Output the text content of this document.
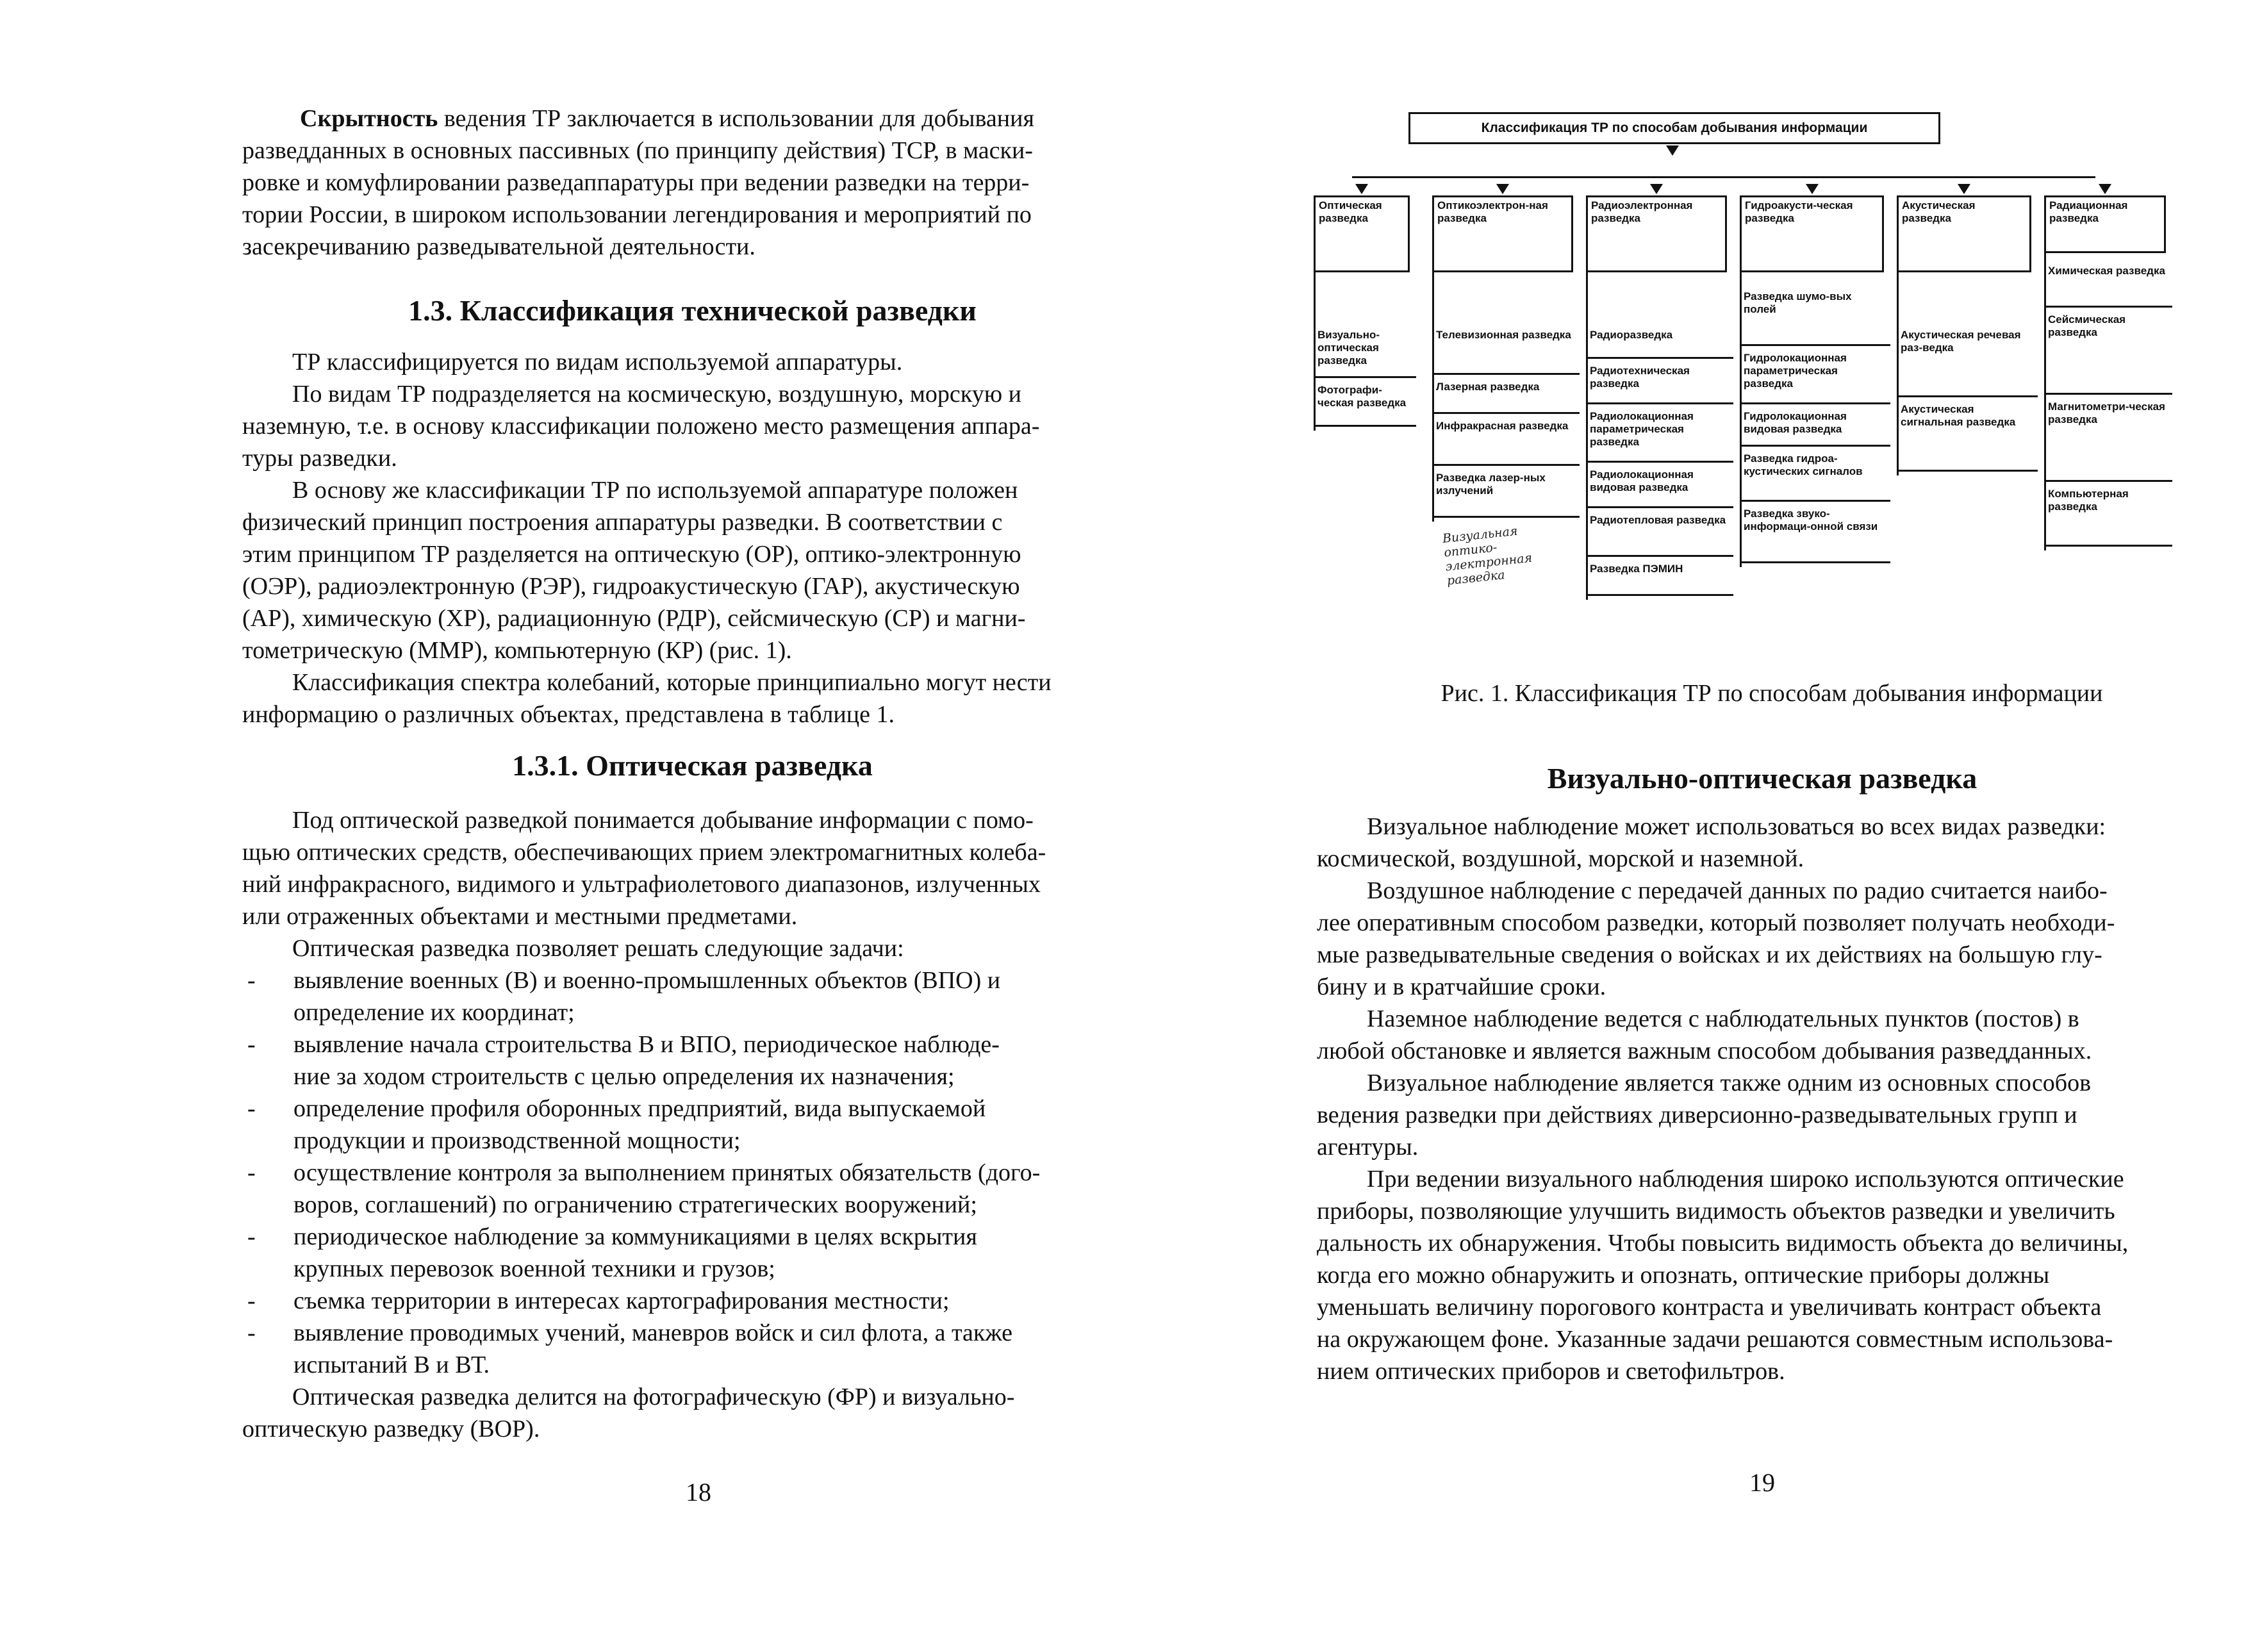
Скрытность ведения ТР заключается в использовании для добывания

разведданных в основных пассивных (по принципу действия) ТСР, в маски-

ровке и комуфлировании разведаппаратуры при ведении разведки на терри-

тории России, в широком использовании легендирования и мероприятий по

засекречиванию разведывательной деятельности.

1.3. Классификация технической разведки

ТР классифицируется по видам используемой аппаратуры.

По видам ТР подразделяется на космическую, воздушную, морскую и

наземную, т.е. в основу классификации положено место размещения аппара-

туры разведки.

В основу же классификации ТР по используемой аппаратуре положен

физический принцип построения аппаратуры разведки. В соответствии с

этим принципом ТР разделяется на оптическую (ОР), оптико-электронную

(ОЭР), радиоэлектронную (РЭР), гидроакустическую (ГАР), акустическую

(АР), химическую (ХР), радиационную (РДР), сейсмическую (СР) и магни-

тометрическую (ММР), компьютерную (КР) (рис. 1).

Классификация спектра колебаний, которые принципиально могут нести

информацию о различных объектах, представлена в таблице 1.

1.3.1. Оптическая разведка

Под оптической разведкой понимается добывание информации с помо-

щью оптических средств, обеспечивающих прием электромагнитных колеба-

ний инфракрасного, видимого и ультрафиолетового диапазонов, излученных

или отраженных объектами и местными предметами.

Оптическая разведка позволяет решать следующие задачи:

- выявление военных (В) и военно-промышленных объектов (ВПО) и
определение их координат;
- выявление начала строительства В и ВПО, периодическое наблюде-
ние за ходом строительств с целью определения их назначения;
- определение профиля оборонных предприятий, вида выпускаемой
продукции и производственной мощности;
- осуществление контроля за выполнением принятых обязательств (дого-
воров, соглашений) по ограничению стратегических вооружений;
- периодическое наблюдение за коммуникациями в целях вскрытия
крупных перевозок военной техники и грузов;
- съемка территории в интересах картографирования местности;
- выявление проводимых учений, маневров войск и сил флота, а также
испытаний В и ВТ.

Оптическая разведка делится на фотографическую (ФР) и визуально-

оптическую разведку (ВОР).

18
Классификация ТР по способам добывания информации
Оптическая разведка
Визуально-оптическая разведка
Фотографи-ческая разведка
Оптикоэлектрон-ная разведка
Телевизионная разведка
Лазерная разведка
Инфракрасная разведка
Разведка лазер-ных излучений
Радиоэлектронная разведка
Радиоразведка
Радиотехническая разведка
Радиолокационная параметрическая разведка
Радиолокационная видовая разведка
Радиотепловая разведка
Разведка ПЭМИН
Гидроакусти-ческая разведка
Разведка шумо-вых полей
Гидролокационная параметрическая разведка
Гидролокационная видовая разведка
Разведка гидроа-кустических сигналов
Разведка звуко-информаци-онной связи
Акустическая разведка
Акустическая речевая раз-ведка
Акустическая сигнальная разведка
Радиационная разведка
Химическая разведка
Сейсмическая разведка
Магнитометри-ческая разведка
Компьютерная разведка
Визуальная оптико-электронная разведка
Рис. 1. Классификация ТР по способам добывания информации
Визуально-оптическая разведка

Визуальное наблюдение может использоваться во всех видах разведки:

космической, воздушной, морской и наземной.

Воздушное наблюдение с передачей данных по радио считается наибо-

лее оперативным способом разведки, который позволяет получать необходи-

мые разведывательные сведения о войсках и их действиях на большую глу-

бину и в кратчайшие сроки.

Наземное наблюдение ведется с наблюдательных пунктов (постов) в

любой обстановке и является важным способом добывания разведданных.

Визуальное наблюдение является также одним из основных способов

ведения разведки при действиях диверсионно-разведывательных групп и

агентуры.

При ведении визуального наблюдения широко используются оптические

приборы, позволяющие улучшить видимость объектов разведки и увеличить

дальность их обнаружения. Чтобы повысить видимость объекта до величины,

когда его можно обнаружить и опознать, оптические приборы должны

уменьшать величину порогового контраста и увеличивать контраст объекта

на окружающем фоне. Указанные задачи решаются совместным использова-

нием оптических приборов и светофильтров.

19
